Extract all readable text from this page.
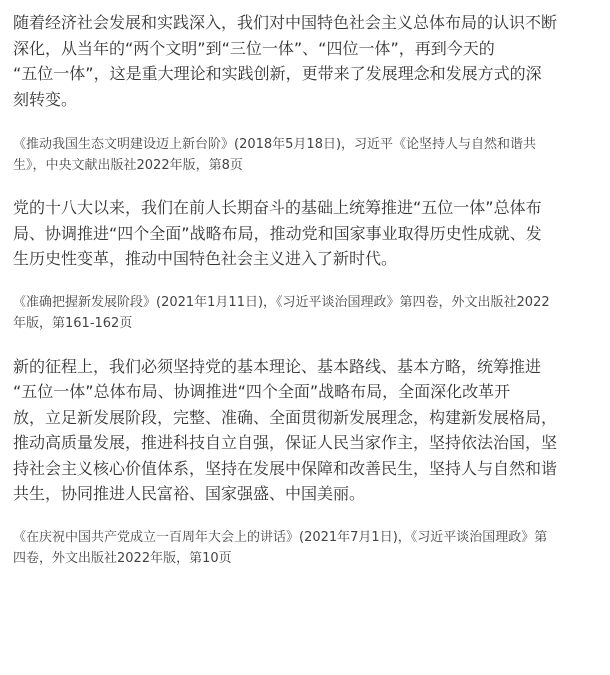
随着经济社会发展和实践深入，我们对中国特色社会主义总体布局的认识不断
深化，从当年的“两个文明”到“三位一体”、“四位一体”，再到今天的
“五位一体”，这是重大理论和实践创新，更带来了发展理念和发展方式的深
刻转变。

《推动我国生态文明建设迈上新台阶》(2018年5月18日)，习近平《论坚持人与自然和谐共
生》，中央文献出版社2022年版，第8页

党的十八大以来，我们在前人长期奋斗的基础上统筹推进“五位一体”总体布
局、协调推进“四个全面”战略布局，推动党和国家事业取得历史性成就、发
生历史性变革，推动中国特色社会主义进入了新时代。

《准确把握新发展阶段》(2021年1月11日)，《习近平谈治国理政》第四卷，外文出版社2022
年版，第161-162页

新的征程上，我们必须坚持党的基本理论、基本路线、基本方略，统筹推进
“五位一体”总体布局、协调推进“四个全面”战略布局，全面深化改革开
放，立足新发展阶段，完整、准确、全面贯彻新发展理念，构建新发展格局，
推动高质量发展，推进科技自立自强，保证人民当家作主，坚持依法治国，坚
持社会主义核心价值体系，坚持在发展中保障和改善民生，坚持人与自然和谐
共生，协同推进人民富裕、国家强盛、中国美丽。

《在庆祝中国共产党成立一百周年大会上的讲话》(2021年7月1日)，《习近平谈治国理政》第
四卷，外文出版社2022年版，第10页
